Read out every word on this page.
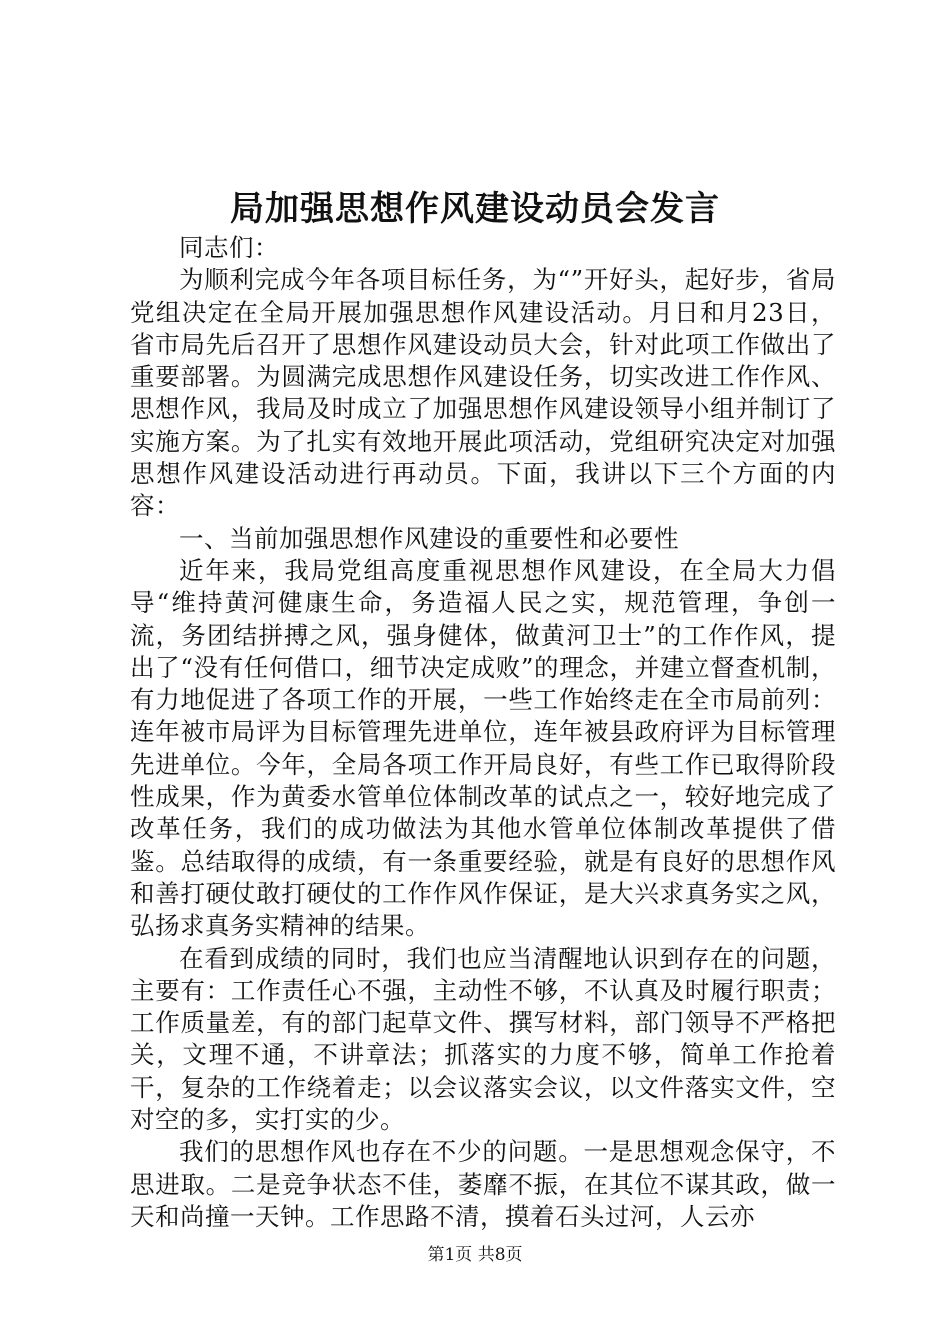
局加强思想作风建设动员会发言

同志们：

为顺利完成今年各项目标任务，为“”开好头，起好步，省局党组决定在全局开展加强思想作风建设活动。月日和月23日，省市局先后召开了思想作风建设动员大会，针对此项工作做出了重要部署。为圆满完成思想作风建设任务，切实改进工作作风、思想作风，我局及时成立了加强思想作风建设领导小组并制订了实施方案。为了扎实有效地开展此项活动，党组研究决定对加强思想作风建设活动进行再动员。下面，我讲以下三个方面的内容：

一、当前加强思想作风建设的重要性和必要性

近年来，我局党组高度重视思想作风建设，在全局大力倡导“维持黄河健康生命，务造福人民之实，规范管理，争创一流，务团结拼搏之风，强身健体，做黄河卫士”的工作作风，提出了“没有任何借口，细节决定成败”的理念，并建立督查机制，有力地促进了各项工作的开展，一些工作始终走在全市局前列：连年被市局评为目标管理先进单位，连年被县政府评为目标管理先进单位。今年，全局各项工作开局良好，有些工作已取得阶段性成果，作为黄委水管单位体制改革的试点之一，较好地完成了改革任务，我们的成功做法为其他水管单位体制改革提供了借鉴。总结取得的成绩，有一条重要经验，就是有良好的思想作风和善打硬仗敢打硬仗的工作作风作保证，是大兴求真务实之风，弘扬求真务实精神的结果。

在看到成绩的同时，我们也应当清醒地认识到存在的问题，主要有：工作责任心不强，主动性不够，不认真及时履行职责；工作质量差，有的部门起草文件、撰写材料，部门领导不严格把关，文理不通，不讲章法；抓落实的力度不够，简单工作抢着干，复杂的工作绕着走；以会议落实会议，以文件落实文件，空对空的多，实打实的少。

我们的思想作风也存在不少的问题。一是思想观念保守，不思进取。二是竞争状态不佳，萎靡不振，在其位不谋其政，做一天和尚撞一天钟。工作思路不清，摸着石头过河，人云亦

第1页 共8页
